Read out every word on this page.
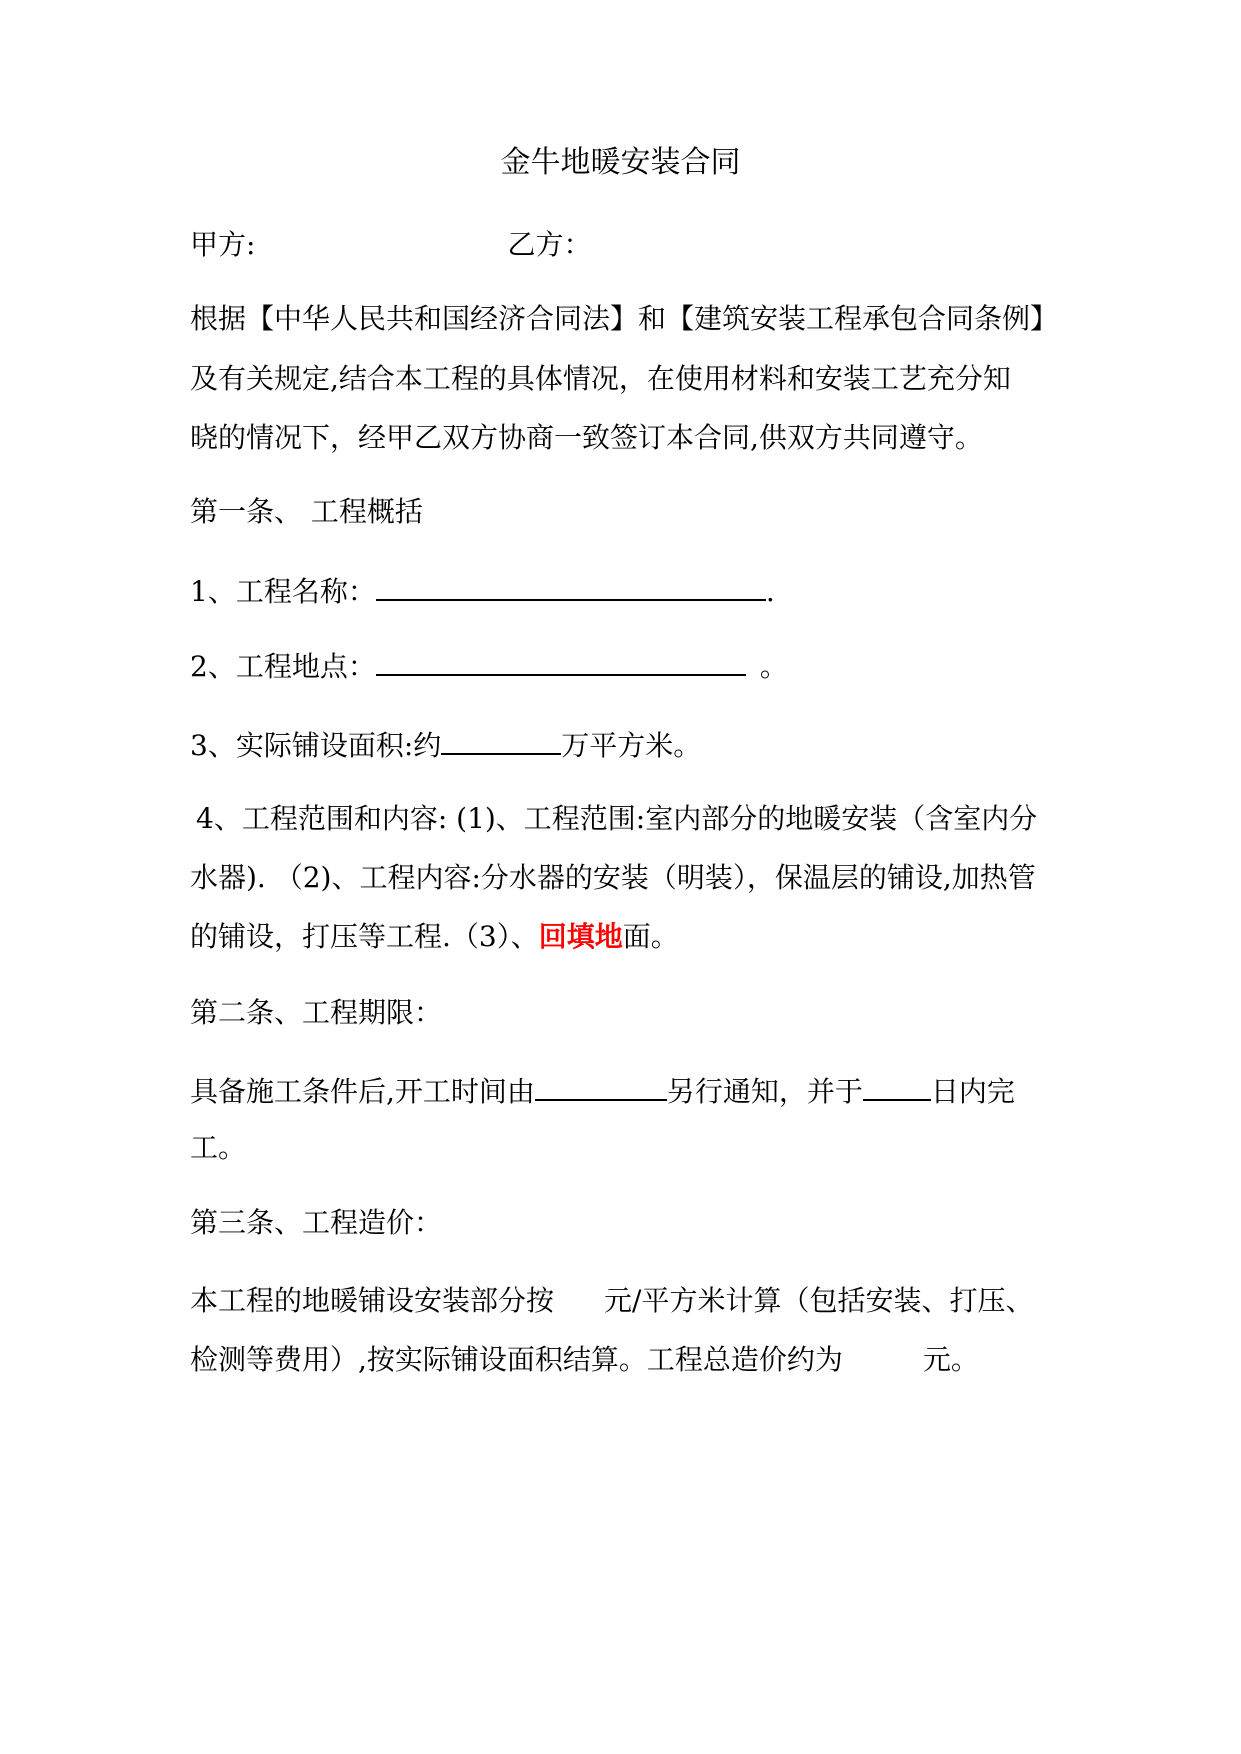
金牛地暖安装合同
甲方:	乙方：
根据【中华人民共和国经济合同法】和【建筑安装工程承包合同条例】
及有关规定,结合本工程的具体情况，在使用材料和安装工艺充分知
晓的情况下，经甲乙双方协商一致签订本合同,供双方共同遵守。
第一条、 工程概括
1、工程名称：	.
2、工程地点：	。
3、实际铺设面积:约	万平方米。
4、工程范围和内容: (1)、工程范围:室内部分的地暖安装（含室内分
水器). （2)、工程内容:分水器的安装（明装），保温层的铺设,加热管
的铺设，打压等工程.（3）、回填地面。
第二条、工程期限：
具备施工条件后,开工时间由	另行通知，并于 日内完
工。
第三条、工程造价：
本工程的地暖铺设安装部分按 元/平方米计算（包括安装、打压、
检测等费用）,按实际铺设面积结算。工程总造价约为	元。
